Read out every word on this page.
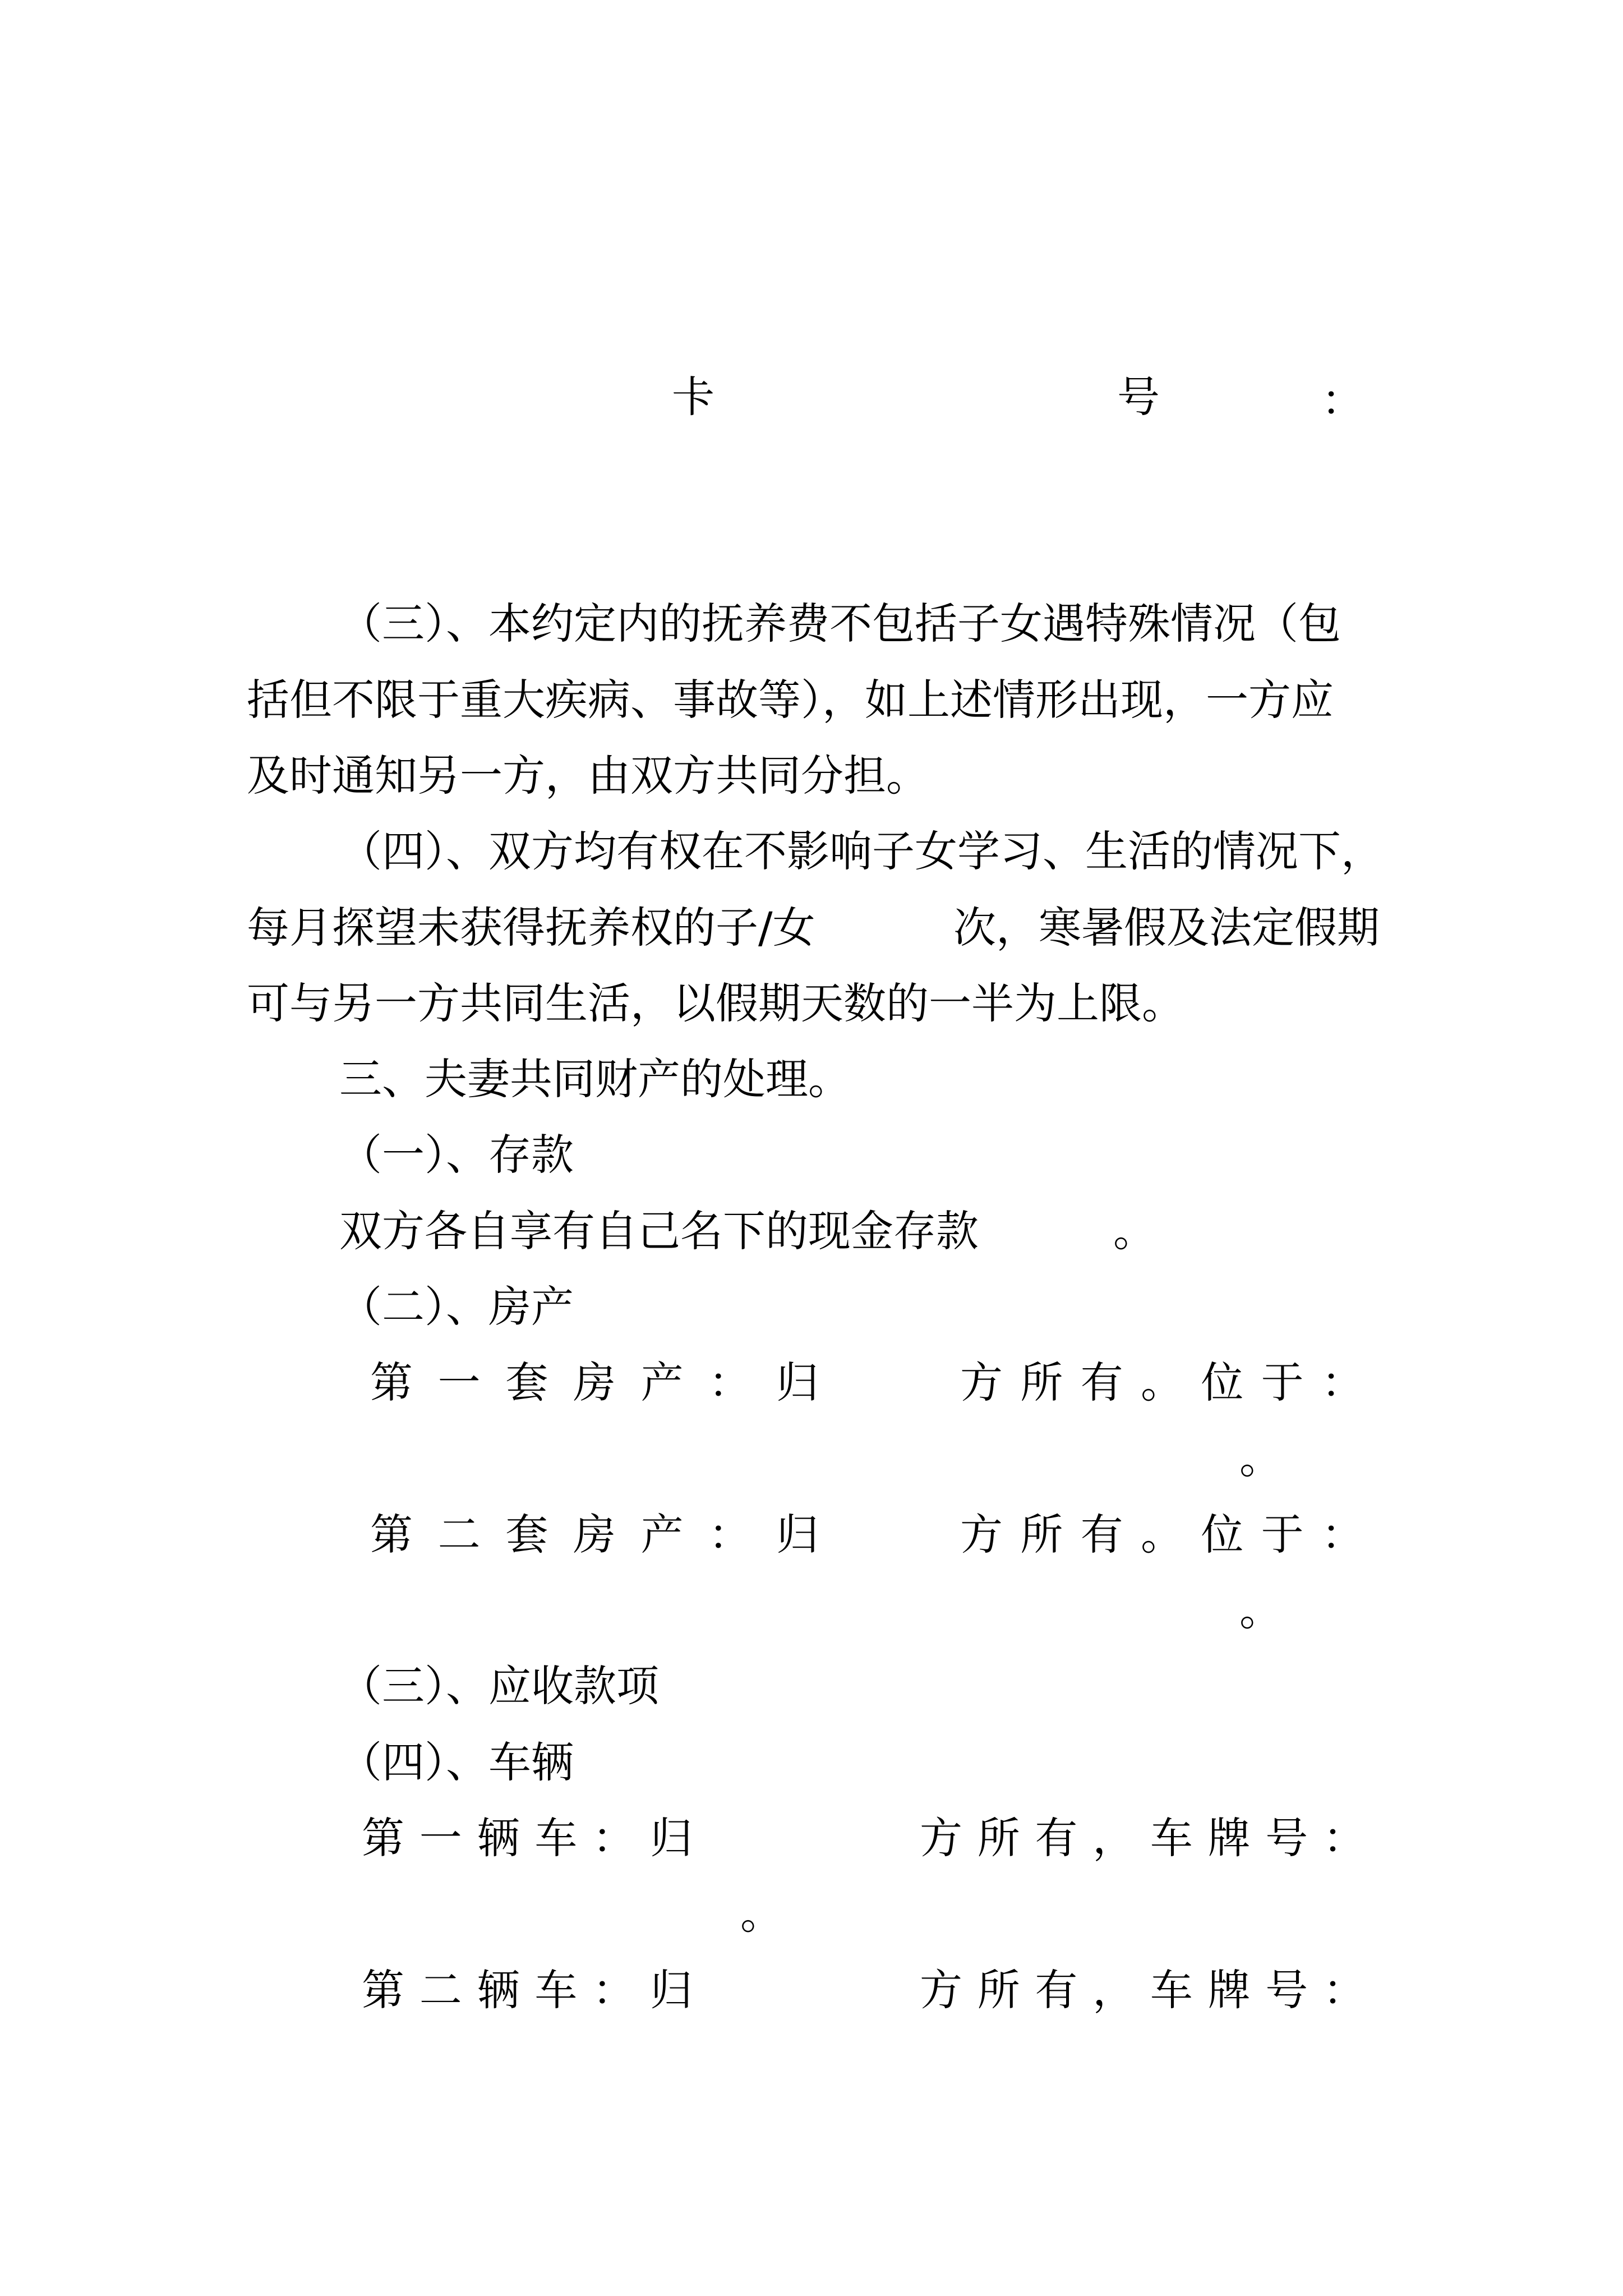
卡	号	：
（三）、本约定内的抚养费不包括子女遇特殊情况（包
括但不限于重大疾病、事故等），如上述情形出现，一方应
及时通知另一方，由双方共同分担。
（四）、双方均有权在不影响子女学习、生活的情况下，
每月探望未获得抚养权的子/女	次，寒暑假及法定假期
可与另一方共同生活，以假期天数的一半为上限。
三、夫妻共同财产的处理。
（一）、存款
双方各自享有自己名下的现金存款	。
（二）、房产
第 一 套 房 产 ： 归	方 所 有 。 位 于 ：
。
第 二 套 房 产 ： 归	方 所 有 。 位 于 ：
。
（三）、应收款项
（四）、车辆
第 一 辆 车 ： 归	方 所 有 ， 车 牌 号 ：
。
第 二 辆 车 ： 归	方 所 有 ， 车 牌 号 ：
